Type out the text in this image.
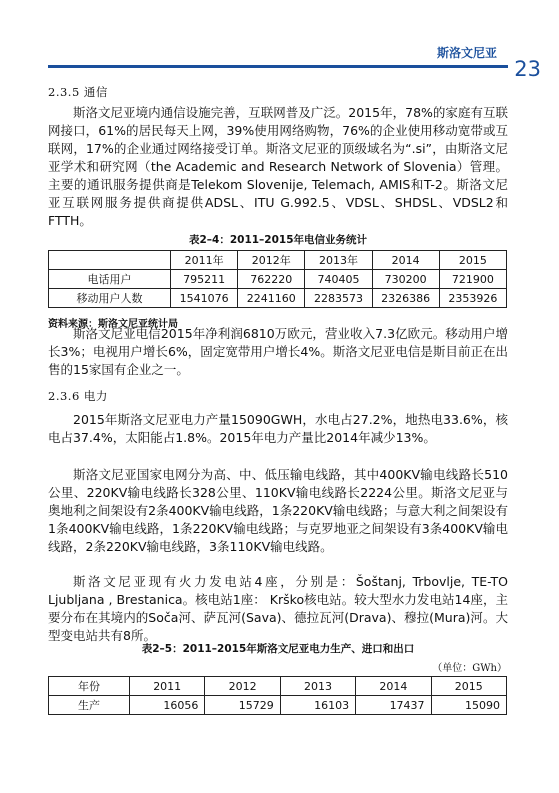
斯洛文尼亚
23
2.3.5 通信

斯洛文尼亚境内通信设施完善，互联网普及广泛。2015年，78%的家庭有互联网接口，61%的居民每天上网，39%使用网络购物，76%的企业使用移动宽带或互联网，17%的企业通过网络接受订单。斯洛文尼亚的顶级域名为“.si”，由斯洛文尼亚学术和研究网（the Academic and Research Network of Slovenia）管理。主要的通讯服务提供商是Telekom Slovenije, Telemach, AMIS和T-2。斯洛文尼亚互联网服务提供商提供ADSL、ITU G.992.5、VDSL、SHDSL、VDSL2和FTTH。

表2–4：2011–2015年电信业务统计
	2011年	2012年	2013年	2014	2015
电话用户	795211	762220	740405	730200	721900
移动用户人数	1541076	2241160	2283573	2326386	2353926
资料来源：斯洛文尼亚统计局

斯洛文尼亚电信2015年净利润6810万欧元，营业收入7.3亿欧元。移动用户增长3%；电视用户增长6%，固定宽带用户增长4%。斯洛文尼亚电信是斯目前正在出售的15家国有企业之一。

2.3.6 电力

2015年斯洛文尼亚电力产量15090GWH，水电占27.2%，地热电33.6%，核电占37.4%，太阳能占1.8%。2015年电力产量比2014年减少13%。

斯洛文尼亚国家电网分为高、中、低压输电线路，其中400KV输电线路长510公里、220KV输电线路长328公里、110KV输电线路长2224公里。斯洛文尼亚与奥地利之间架设有2条400KV输电线路，1条220KV输电线路；与意大利之间架设有1条400KV输电线路，1条220KV输电线路；与克罗地亚之间架设有3条400KV输电线路，2条220KV输电线路，3条110KV输电线路。

斯洛文尼亚现有火力发电站4座，分别是：Šoštanj, Trbovlje, TE-TO Ljubljana , Brestanica。核电站1座： Krško核电站。较大型水力发电站14座，主要分布在其境内的Soča河、萨瓦河(Sava)、德拉瓦河(Drava)、穆拉(Mura)河。大型变电站共有8所。

表2–5：2011–2015年斯洛文尼亚电力生产、进口和出口
（单位：GWh）
年份	2011	2012	2013	2014	2015
生产	16056	15729	16103	17437	15090
